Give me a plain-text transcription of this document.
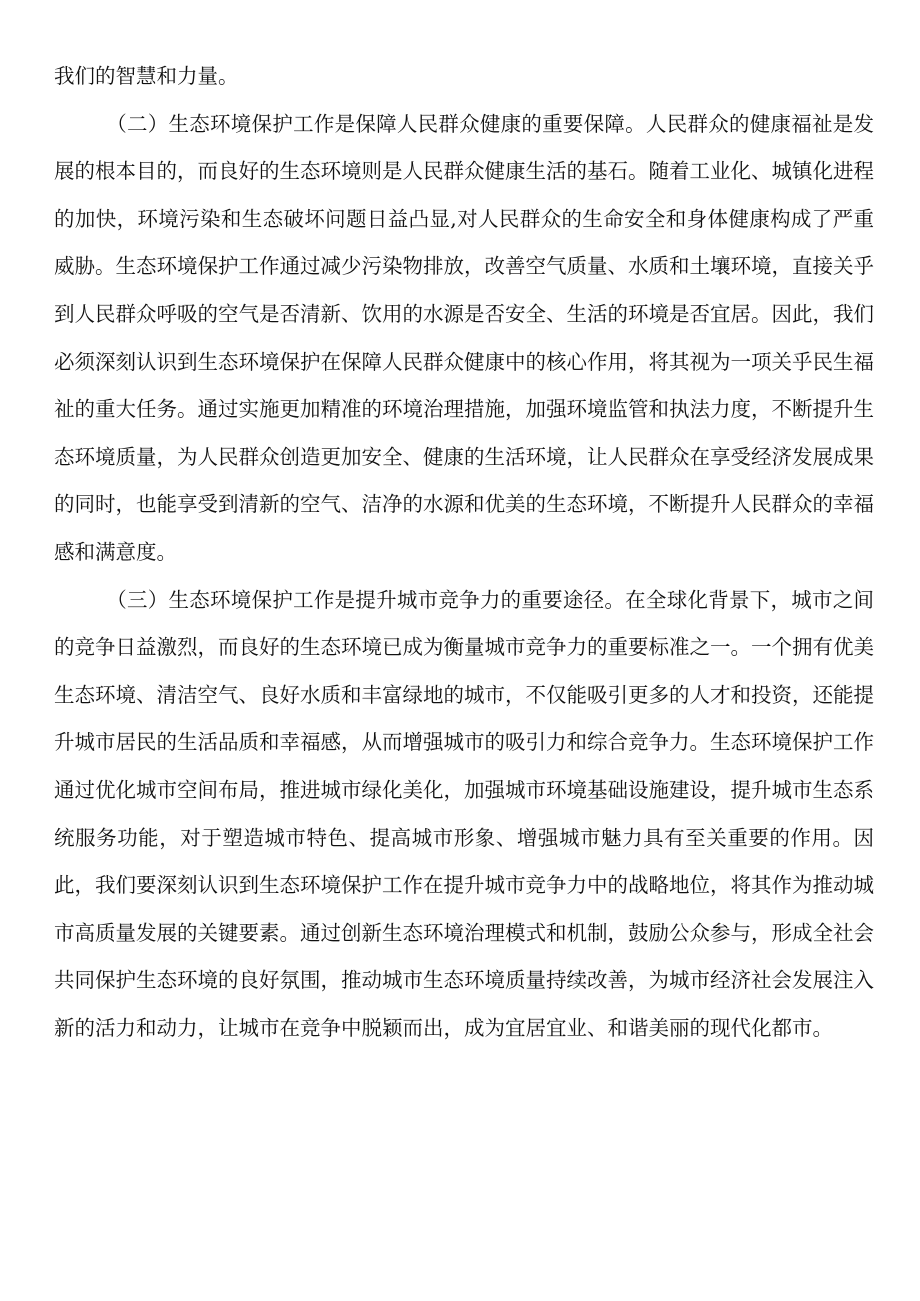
我们的智慧和力量。

（二）生态环境保护工作是保障人民群众健康的重要保障。人民群众的健康福祉是发展的根本目的，而良好的生态环境则是人民群众健康生活的基石。随着工业化、城镇化进程的加快，环境污染和生态破坏问题日益凸显,对人民群众的生命安全和身体健康构成了严重威胁。生态环境保护工作通过减少污染物排放，改善空气质量、水质和土壤环境，直接关乎到人民群众呼吸的空气是否清新、饮用的水源是否安全、生活的环境是否宜居。因此，我们必须深刻认识到生态环境保护在保障人民群众健康中的核心作用，将其视为一项关乎民生福祉的重大任务。通过实施更加精准的环境治理措施，加强环境监管和执法力度，不断提升生态环境质量，为人民群众创造更加安全、健康的生活环境，让人民群众在享受经济发展成果的同时，也能享受到清新的空气、洁净的水源和优美的生态环境，不断提升人民群众的幸福感和满意度。

（三）生态环境保护工作是提升城市竞争力的重要途径。在全球化背景下，城市之间的竞争日益激烈，而良好的生态环境已成为衡量城市竞争力的重要标准之一。一个拥有优美生态环境、清洁空气、良好水质和丰富绿地的城市，不仅能吸引更多的人才和投资，还能提升城市居民的生活品质和幸福感，从而增强城市的吸引力和综合竞争力。生态环境保护工作通过优化城市空间布局，推进城市绿化美化，加强城市环境基础设施建设，提升城市生态系统服务功能，对于塑造城市特色、提高城市形象、增强城市魅力具有至关重要的作用。因此，我们要深刻认识到生态环境保护工作在提升城市竞争力中的战略地位，将其作为推动城市高质量发展的关键要素。通过创新生态环境治理模式和机制，鼓励公众参与，形成全社会共同保护生态环境的良好氛围，推动城市生态环境质量持续改善，为城市经济社会发展注入新的活力和动力，让城市在竞争中脱颖而出，成为宜居宜业、和谐美丽的现代化都市。
